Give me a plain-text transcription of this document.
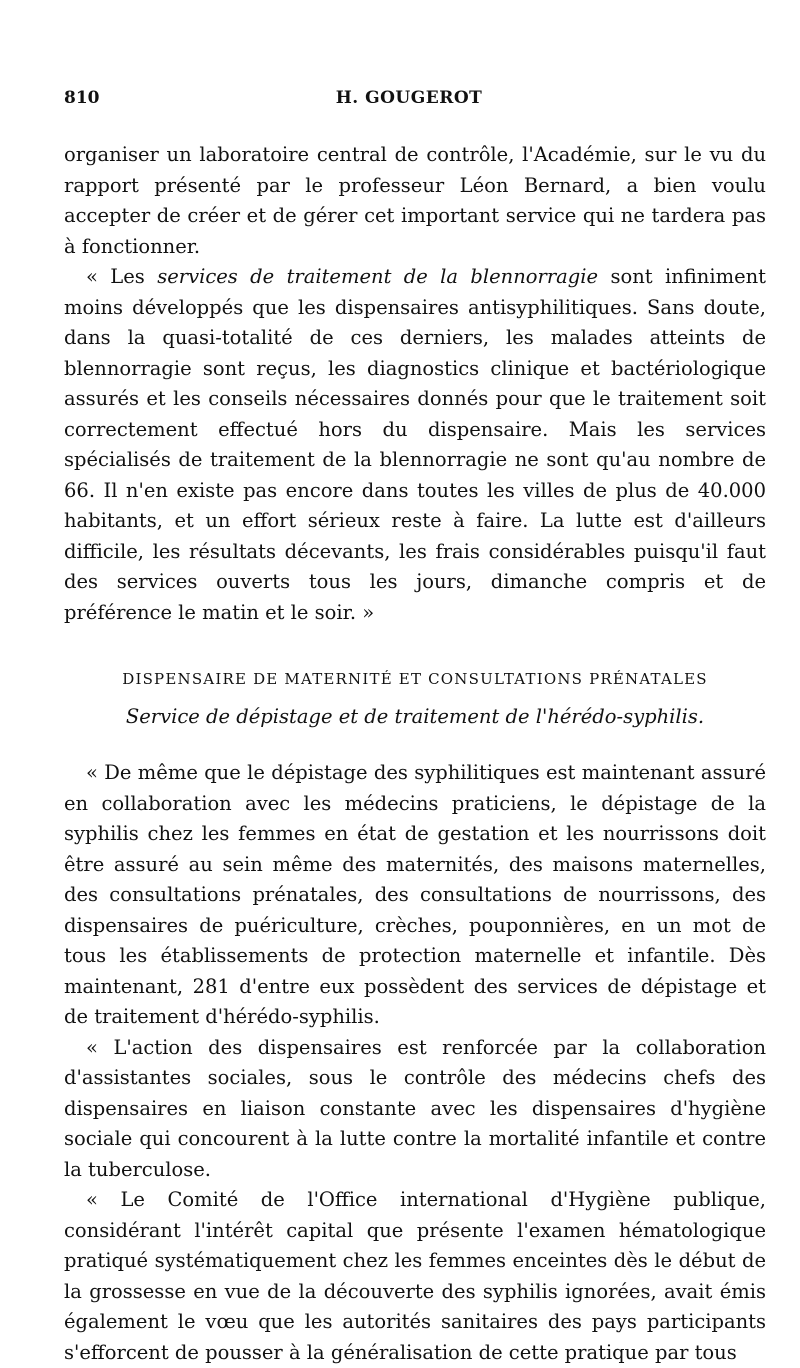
810	H. GOUGEROT

organiser un laboratoire central de contrôle, l'Académie, sur le vu du rapport présenté par le professeur Léon Bernard, a bien voulu accepter de créer et de gérer cet important service qui ne tardera pas à fonctionner.

« Les services de traitement de la blennorragie sont infiniment moins développés que les dispensaires antisyphilitiques. Sans doute, dans la quasi-totalité de ces derniers, les malades atteints de blennorragie sont reçus, les diagnostics clinique et bactériologique assurés et les conseils nécessaires donnés pour que le traitement soit correctement effectué hors du dispensaire. Mais les services spécialisés de traitement de la blennorragie ne sont qu'au nombre de 66. Il n'en existe pas encore dans toutes les villes de plus de 40.000 habitants, et un effort sérieux reste à faire. La lutte est d'ailleurs difficile, les résultats décevants, les frais considérables puisqu'il faut des services ouverts tous les jours, dimanche compris et de préférence le matin et le soir. »

DISPENSAIRE DE MATERNITÉ ET CONSULTATIONS PRÉNATALES
Service de dépistage et de traitement de l'hérédo-syphilis.

« De même que le dépistage des syphilitiques est maintenant assuré en collaboration avec les médecins praticiens, le dépistage de la syphilis chez les femmes en état de gestation et les nourrissons doit être assuré au sein même des maternités, des maisons maternelles, des consultations prénatales, des consultations de nourrissons, des dispensaires de puériculture, crèches, pouponnières, en un mot de tous les établissements de protection maternelle et infantile. Dès maintenant, 281 d'entre eux possèdent des services de dépistage et de traitement d'hérédo-syphilis.

« L'action des dispensaires est renforcée par la collaboration d'assistantes sociales, sous le contrôle des médecins chefs des dispensaires en liaison constante avec les dispensaires d'hygiène sociale qui concourent à la lutte contre la mortalité infantile et contre la tuberculose.

« Le Comité de l'Office international d'Hygiène publique, considérant l'intérêt capital que présente l'examen hématologique pratiqué systématiquement chez les femmes enceintes dès le début de la grossesse en vue de la découverte des syphilis ignorées, avait émis également le vœu que les autorités sanitaires des pays participants s'efforcent de pousser à la généralisation de cette pratique par tous
